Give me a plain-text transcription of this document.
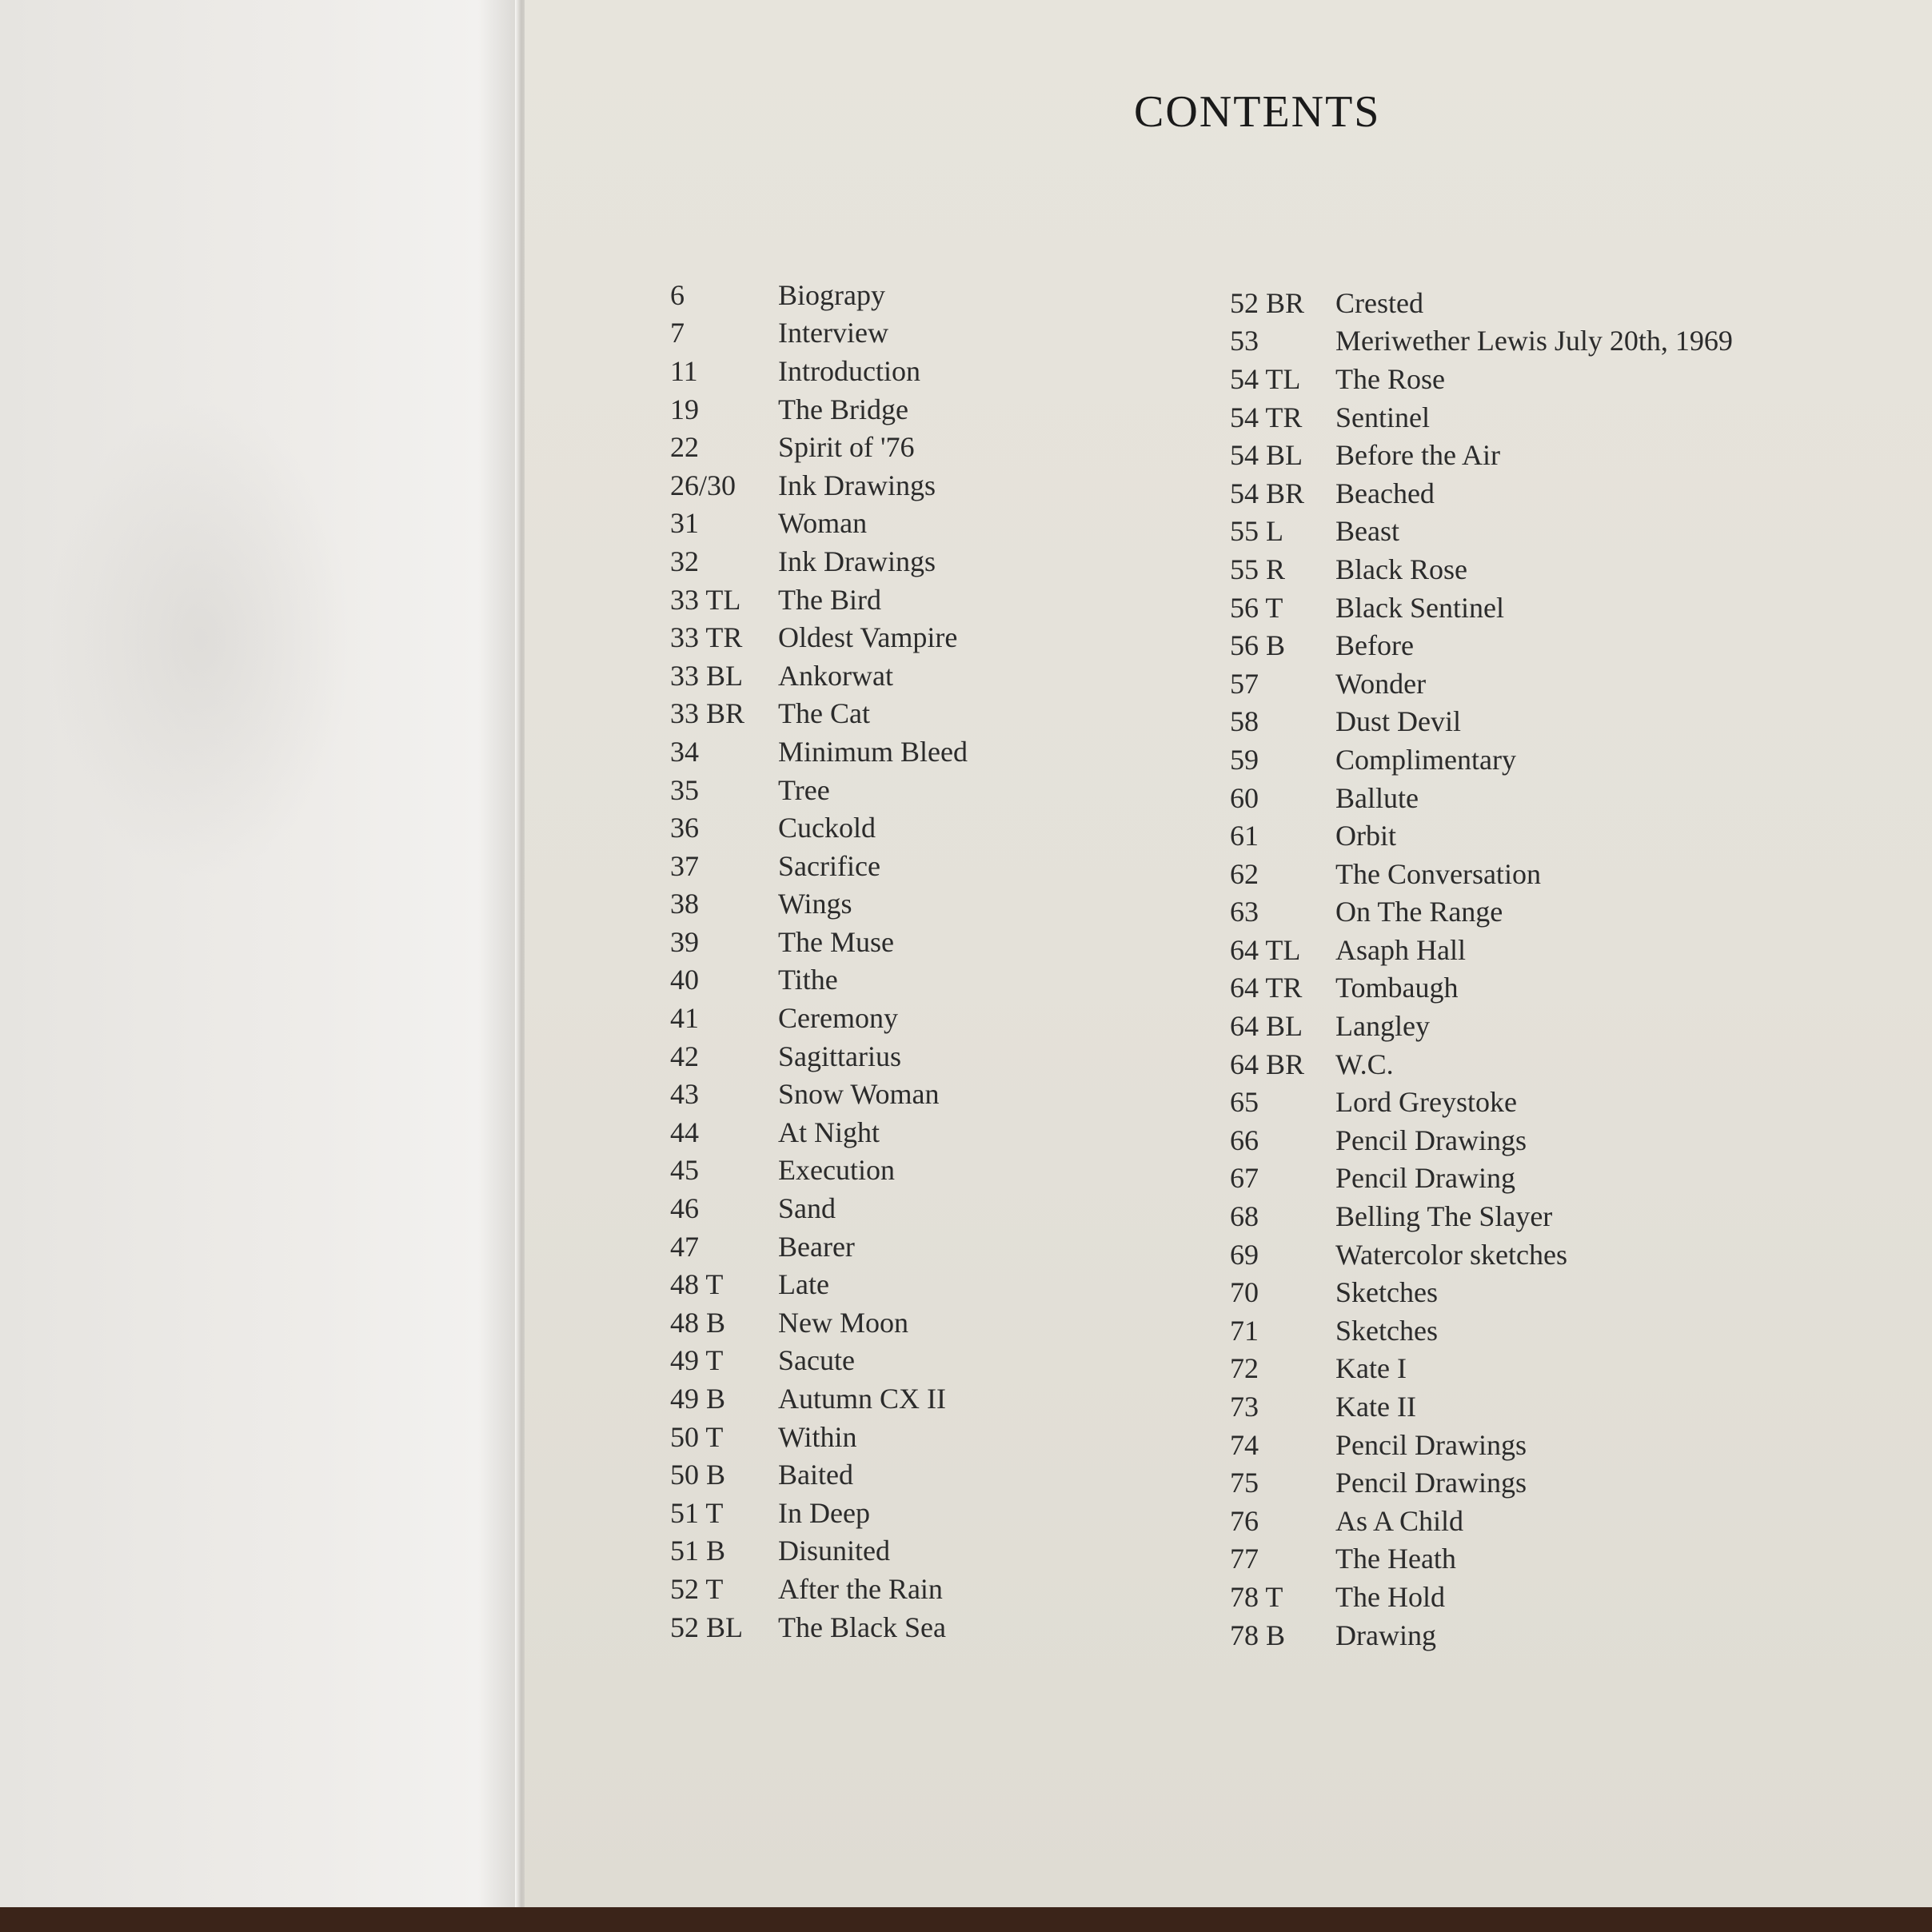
CONTENTS
6	Biograpy
7	Interview
11	Introduction
19	The Bridge
22	Spirit of '76
26/30	Ink Drawings
31	Woman
32	Ink Drawings
33 TL	The Bird
33 TR	Oldest Vampire
33 BL	Ankorwat
33 BR	The Cat
34	Minimum Bleed
35	Tree
36	Cuckold
37	Sacrifice
38	Wings
39	The Muse
40	Tithe
41	Ceremony
42	Sagittarius
43	Snow Woman
44	At Night
45	Execution
46	Sand
47	Bearer
48 T	Late
48 B	New Moon
49 T	Sacute
49 B	Autumn CX II
50 T	Within
50 B	Baited
51 T	In Deep
51 B	Disunited
52 T	After the Rain
52 BL	The Black Sea
52 BR	Crested
53	Meriwether Lewis July 20th, 1969
54 TL	The Rose
54 TR	Sentinel
54 BL	Before the Air
54 BR	Beached
55 L	Beast
55 R	Black Rose
56 T	Black Sentinel
56 B	Before
57	Wonder
58	Dust Devil
59	Complimentary
60	Ballute
61	Orbit
62	The Conversation
63	On The Range
64 TL	Asaph Hall
64 TR	Tombaugh
64 BL	Langley
64 BR	W.C.
65	Lord Greystoke
66	Pencil Drawings
67	Pencil Drawing
68	Belling The Slayer
69	Watercolor sketches
70	Sketches
71	Sketches
72	Kate I
73	Kate II
74	Pencil Drawings
75	Pencil Drawings
76	As A Child
77	The Heath
78 T	The Hold
78 B	Drawing
